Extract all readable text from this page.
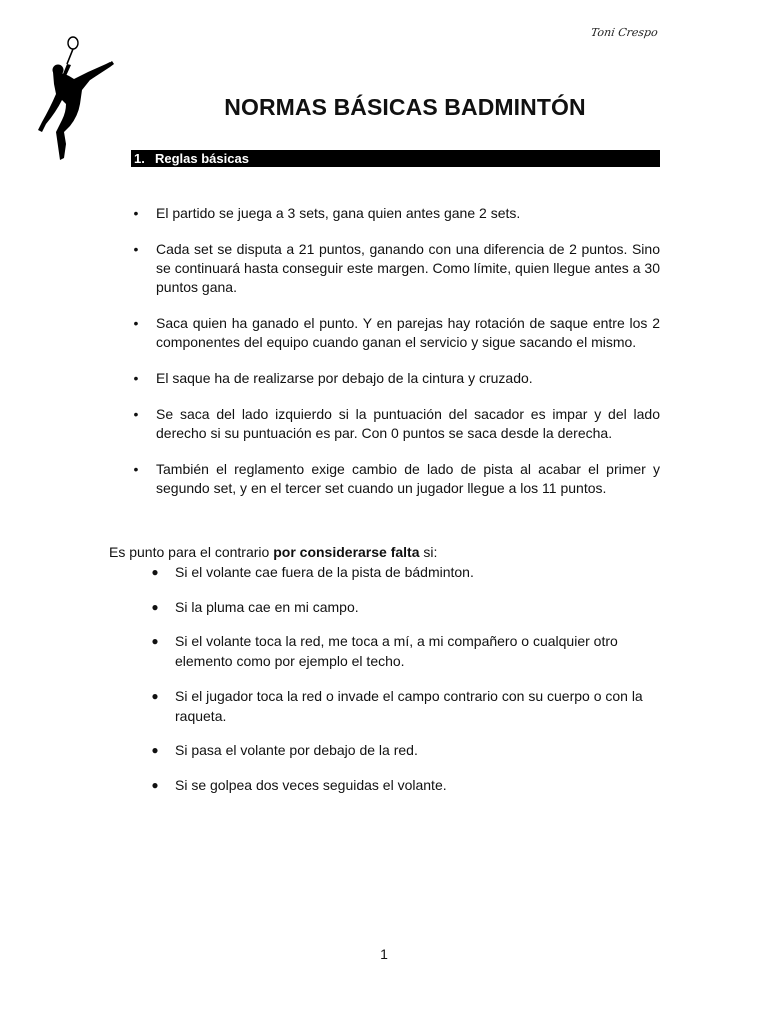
Toni Crespo
NORMAS BÁSICAS BADMINTÓN
1. Reglas básicas
• El partido se juega a 3 sets, gana quien antes gane 2 sets.
• Cada set se disputa a 21 puntos, ganando con una diferencia de 2 puntos. Sino se continuará hasta conseguir este margen. Como límite, quien llegue antes a 30 puntos gana.
• Saca quien ha ganado el punto. Y en parejas hay rotación de saque entre los 2 componentes del equipo cuando ganan el servicio y sigue sacando el mismo.
• El saque ha de realizarse por debajo de la cintura y cruzado.
• Se saca del lado izquierdo si la puntuación del sacador es impar y del lado derecho si su puntuación es par. Con 0 puntos se saca desde la derecha.
• También el reglamento exige cambio de lado de pista al acabar el primer y segundo set, y en el tercer set cuando un jugador llegue a los 11 puntos.

Es punto para el contrario por considerarse falta si:

● Si el volante cae fuera de la pista de bádminton.
● Si la pluma cae en mi campo.
● Si el volante toca la red, me toca a mí, a mi compañero o cualquier otro elemento como por ejemplo el techo.
● Si el jugador toca la red o invade el campo contrario con su cuerpo o con la raqueta.
● Si pasa el volante por debajo de la red.
● Si se golpea dos veces seguidas el volante.
1
